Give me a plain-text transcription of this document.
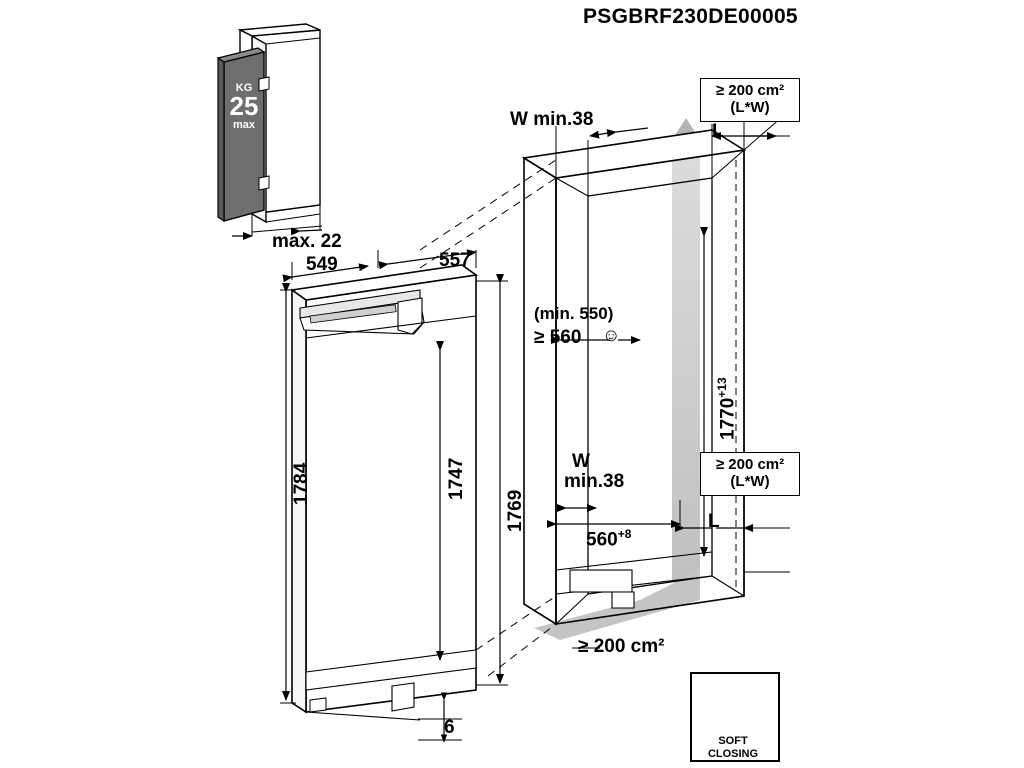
PSGBRF230DE00005
KG
25
max
max. 22
549	557
1784	1747
1769
6
W min.38
L
(min. 550)
≥ 560 ☺
$1770^{+13}$
W
min.38
$560^{+8}$
L
≥ 200 cm²
(L*W)
≥ 200 cm²
(L*W)
≥ 200 cm²
SOFT
CLOSING
